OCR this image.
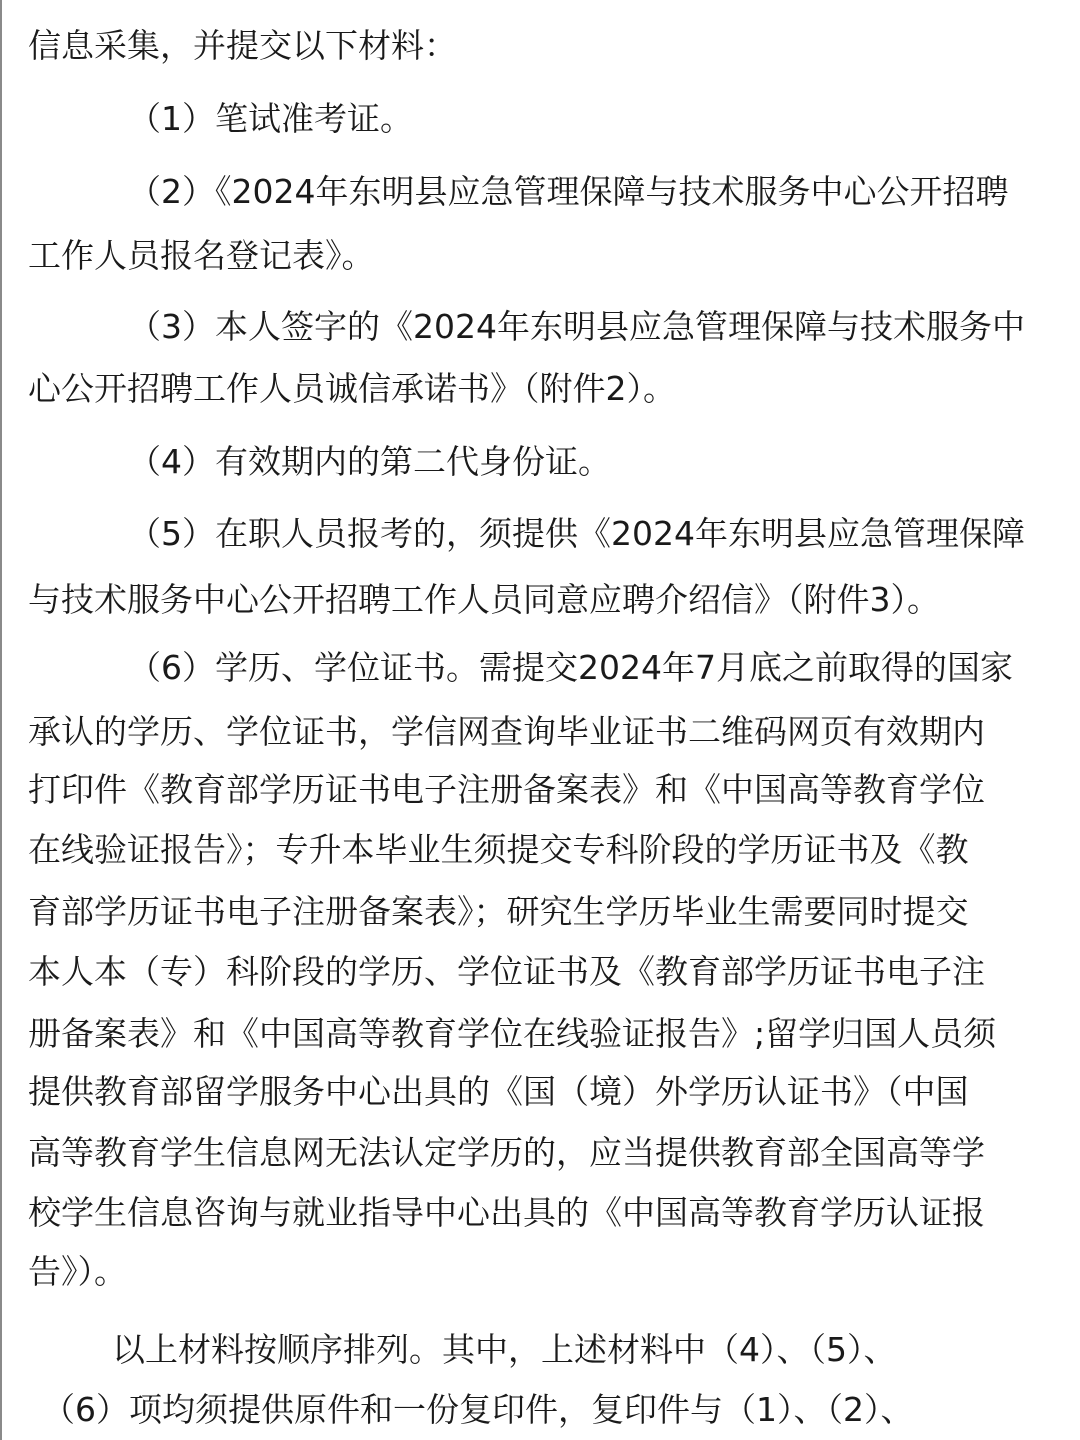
信息采集，并提交以下材料：
（1）笔试准考证。
（2）《2024年东明县应急管理保障与技术服务中心公开招聘
工作人员报名登记表》。
（3）本人签字的《2024年东明县应急管理保障与技术服务中
心公开招聘工作人员诚信承诺书》（附件2）。
（4）有效期内的第二代身份证。
（5）在职人员报考的，须提供《2024年东明县应急管理保障
与技术服务中心公开招聘工作人员同意应聘介绍信》（附件3）。
（6）学历、学位证书。需提交2024年7月底之前取得的国家
承认的学历、学位证书，学信网查询毕业证书二维码网页有效期内
打印件《教育部学历证书电子注册备案表》和《中国高等教育学位
在线验证报告》；专升本毕业生须提交专科阶段的学历证书及《教
育部学历证书电子注册备案表》；研究生学历毕业生需要同时提交
本人本（专）科阶段的学历、学位证书及《教育部学历证书电子注
册备案表》和《中国高等教育学位在线验证报告》;留学归国人员须
提供教育部留学服务中心出具的《国（境）外学历认证书》（中国
高等教育学生信息网无法认定学历的，应当提供教育部全国高等学
校学生信息咨询与就业指导中心出具的《中国高等教育学历认证报
告》）。
以上材料按顺序排列。其中，上述材料中（4）、（5）、
（6）项均须提供原件和一份复印件，复印件与（1）、（2）、
